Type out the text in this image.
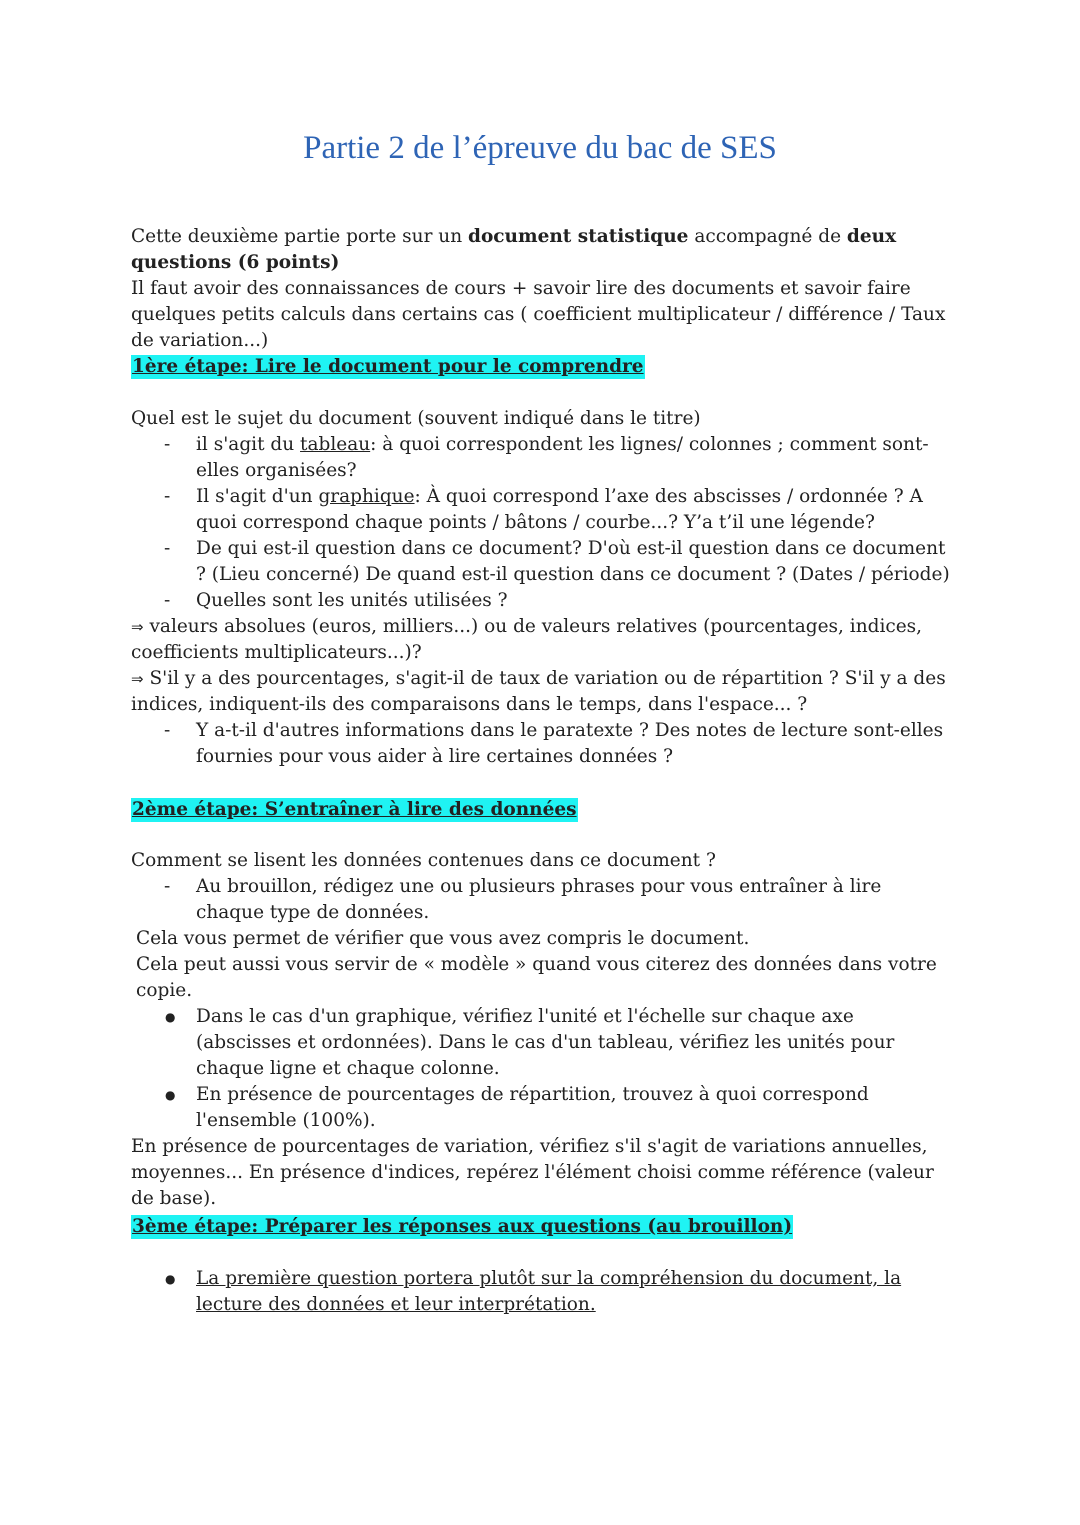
Partie 2 de l’épreuve du bac de SES

Cette deuxième partie porte sur un document statistique accompagné de deux questions (6 points)

Il faut avoir des connaissances de cours + savoir lire des documents et savoir faire quelques petits calculs dans certains cas ( coefficient multiplicateur / différence / Taux de variation...)

1ère étape: Lire le document pour le comprendre

Quel est le sujet du document (souvent indiqué dans le titre)

- il s'agit du tableau: à quoi correspondent les lignes/ colonnes ; comment sont-elles organisées?
- Il s'agit d'un graphique: À quoi correspond l’axe des abscisses / ordonnée ? A quoi correspond chaque points / bâtons / courbe...? Y’a t’il une légende?
- De qui est-il question dans ce document? D'où est-il question dans ce document ? (Lieu concerné) De quand est-il question dans ce document ? (Dates / période)
- Quelles sont les unités utilisées ?

⇒ valeurs absolues (euros, milliers...) ou de valeurs relatives (pourcentages, indices, coefficients multiplicateurs...)?

⇒ S'il y a des pourcentages, s'agit-il de taux de variation ou de répartition ? S'il y a des indices, indiquent-ils des comparaisons dans le temps, dans l'espace... ?

- Y a-t-il d'autres informations dans le paratexte ? Des notes de lecture sont-elles fournies pour vous aider à lire certaines données ?
2ème étape: S’entraîner à lire des données

Comment se lisent les données contenues dans ce document ?

- Au brouillon, rédigez une ou plusieurs phrases pour vous entraîner à lire chaque type de données.

Cela vous permet de vérifier que vous avez compris le document.

Cela peut aussi vous servir de « modèle » quand vous citerez des données dans votre copie.

● Dans le cas d'un graphique, vérifiez l'unité et l'échelle sur chaque axe (abscisses et ordonnées). Dans le cas d'un tableau, vérifiez les unités pour chaque ligne et chaque colonne.
● En présence de pourcentages de répartition, trouvez à quoi correspond l'ensemble (100%).

En présence de pourcentages de variation, vérifiez s'il s'agit de variations annuelles, moyennes... En présence d'indices, repérez l'élément choisi comme référence (valeur de base).

3ème étape: Préparer les réponses aux questions (au brouillon)
● La première question portera plutôt sur la compréhension du document, la lecture des données et leur interprétation.
